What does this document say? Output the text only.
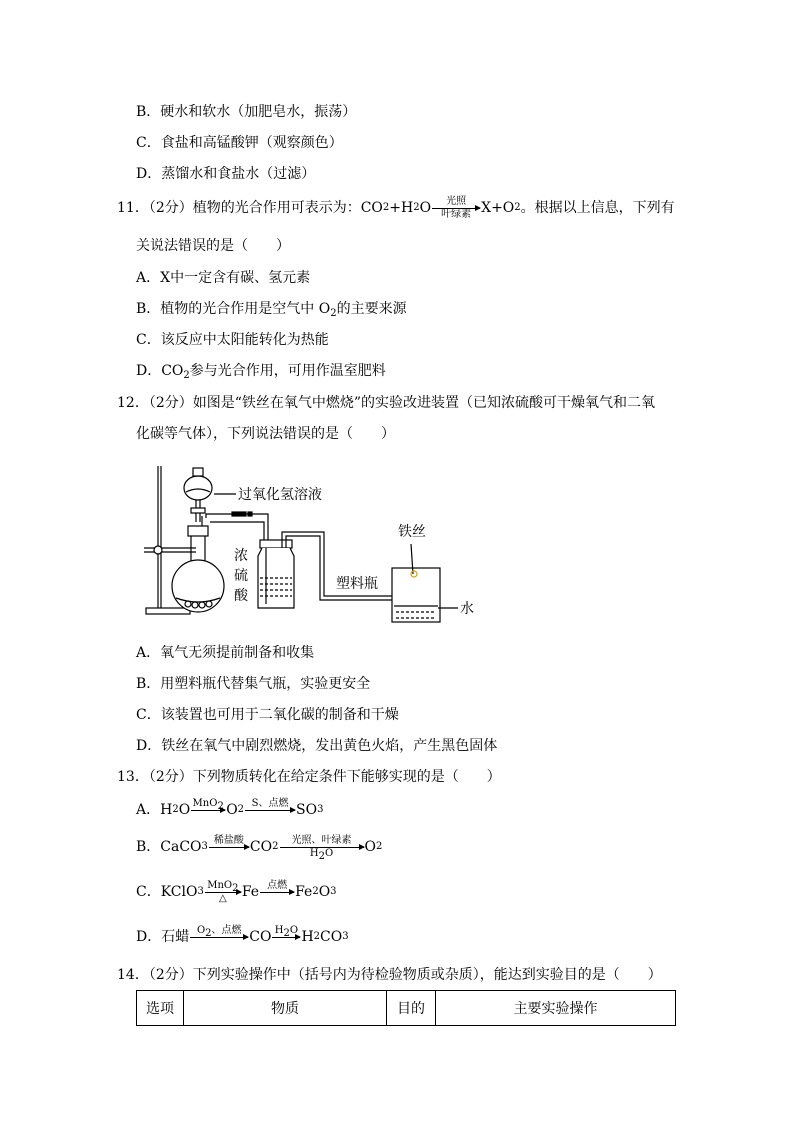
B．硬水和软水（加肥皂水，振荡）
C．食盐和高锰酸钾（观察颜色）
D．蒸馏水和食盐水（过滤）
11．（2分）植物的光合作用可表示为：CO 2 +H 2 O	光照
叶绿素 X+O 2 。根据以上信息，下列有
关说法错误的是（　　）
A．X中一定含有碳、氢元素
B．植物的光合作用是空气中 $O_2$的主要来源
C．该反应中太阳能转化为热能
D．$CO_2$参与光合作用，可用作温室肥料
12．（2分）如图是“铁丝在氧气中燃烧”的实验改进装置（已知浓硫酸可干燥氧气和二氧
化碳等气体），下列说法错误的是（　　）
过氧化氢溶液
浓
硫
酸
铁丝
塑料瓶
水
A．氧气无须提前制备和收集
B．用塑料瓶代替集气瓶，实验更安全
C．该装置也可用于二氧化碳的制备和干燥
D．铁丝在氧气中剧烈燃烧，发出黄色火焰，产生黑色固体
13．（2分）下列物质转化在给定条件下能够实现的是（　　）
A．H 2 O MnO$_2$
O 2
S、点燃
SO 3
B．CaCO 3
稀盐酸
CO 2
光照、叶绿素
$H_2O$	O 2
C．KClO 3
MnO$_2$
△	Fe 点燃
Fe 2 O 3
D．石蜡 $O_2$、点燃
CO $H_2O$
H 2 CO 3
14．（2分）下列实验操作中（括号内为待检验物质或杂质），能达到实验目的是（　　）
选项	物质	目的	主要实验操作
